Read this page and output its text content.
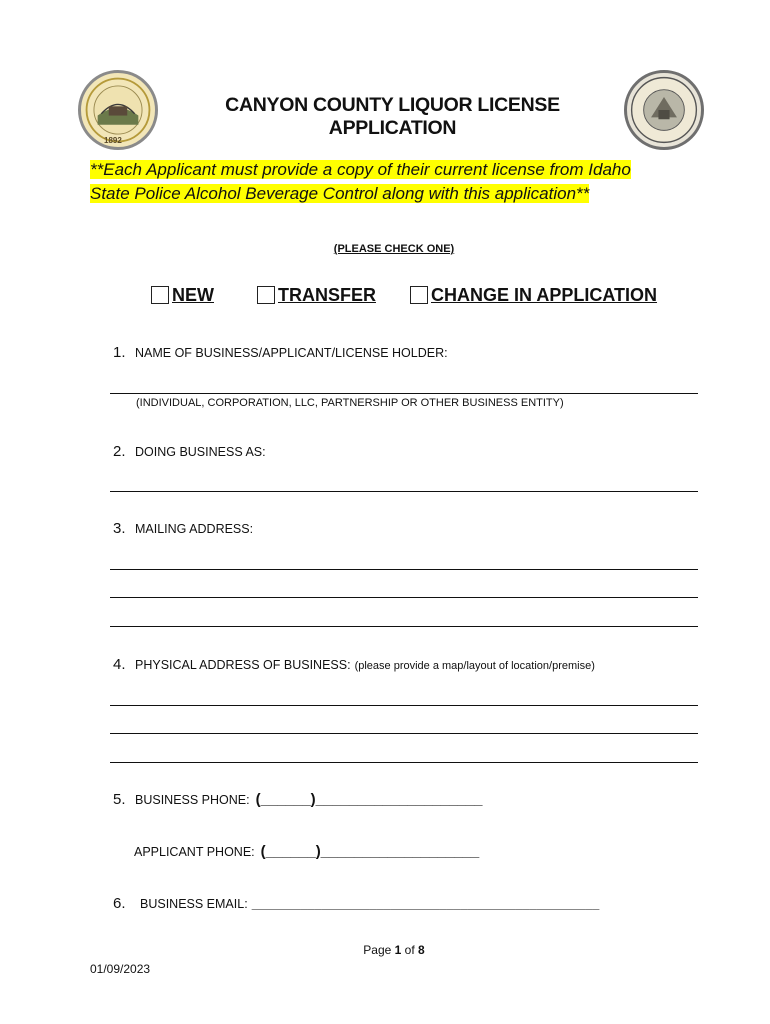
1892
CANYON COUNTY LIQUOR LICENSE APPLICATION
**Each Applicant must provide a copy of their current license from Idaho
State Police Alcohol Beverage Control along with this application**
(PLEASE CHECK ONE)
NEW	TRANSFER	CHANGE IN APPLICATION
1. NAME OF BUSINESS/APPLICANT/LICENSE HOLDER:
(INDIVIDUAL, CORPORATION, LLC, PARTNERSHIP OR OTHER BUSINESS ENTITY)
2. DOING BUSINESS AS:
3. MAILING ADDRESS:
4. PHYSICAL ADDRESS OF BUSINESS: (please provide a map/layout of location/premise)
5. BUSINESS PHONE: (______)____________________
APPLICANT PHONE: (______)___________________
6.	BUSINESS EMAIL: __________________________________________________
Page 1 of 8
01/09/2023
